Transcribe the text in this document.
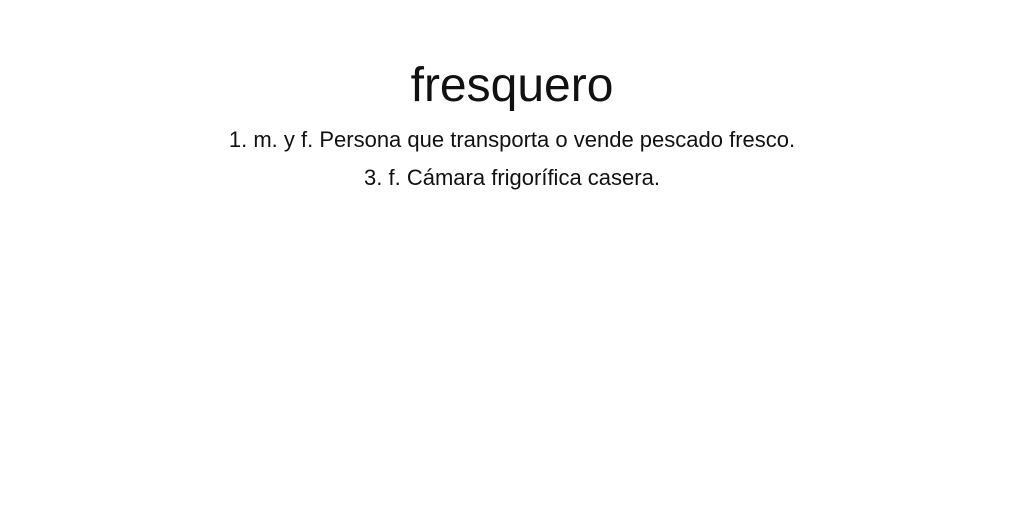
fresquero
1. m. y f. Persona que transporta o vende pescado fresco.
3. f. Cámara frigorífica casera.
